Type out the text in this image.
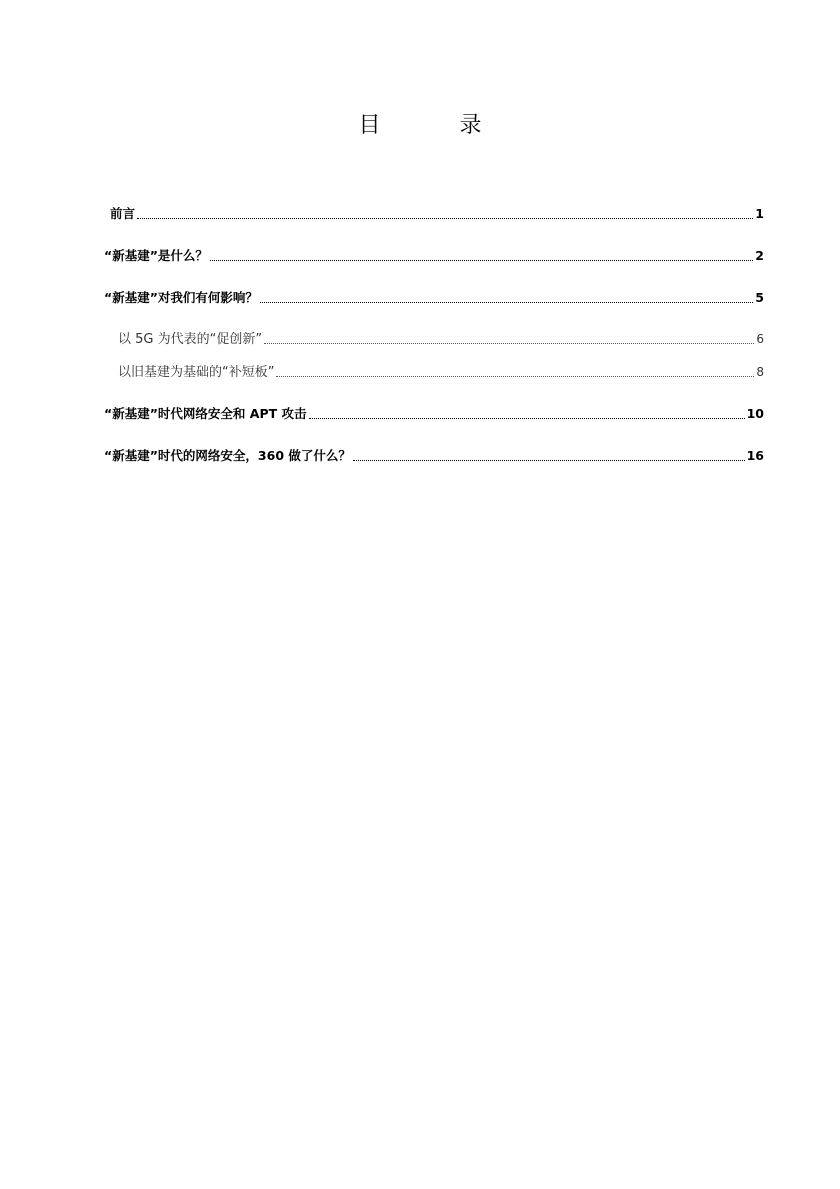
目 录
前言	1
“新基建”是什么？	2
“新基建”对我们有何影响？	5
以 5G 为代表的“促创新”	6
以旧基建为基础的“补短板”	8
“新基建”时代网络安全和 APT 攻击	10
“新基建”时代的网络安全，360 做了什么？	16
